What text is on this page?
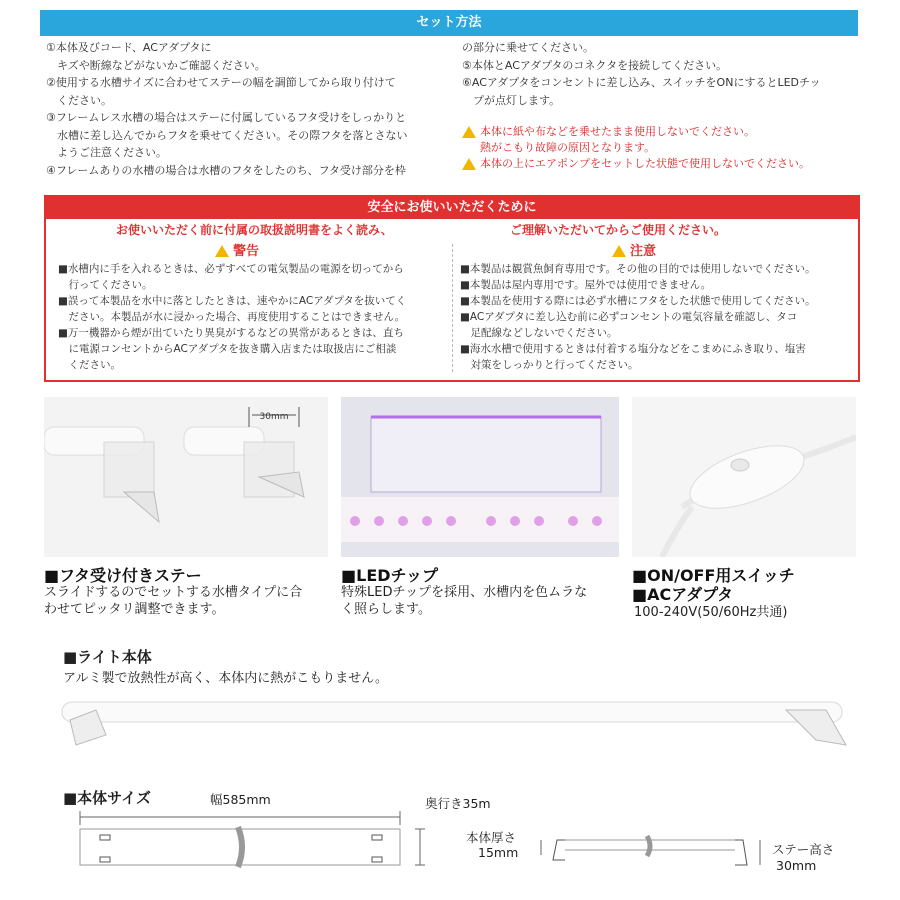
セット方法

①本体及びコード、ACアダプタに

　キズや断線などがないかご確認ください。

②使用する水槽サイズに合わせてステーの幅を調節してから取り付けて

　ください。

③フレームレス水槽の場合はステーに付属しているフタ受けをしっかりと

　水槽に差し込んでからフタを乗せてください。その際フタを落とさない

　ようご注意ください。

④フレームありの水槽の場合は水槽のフタをしたのち、フタ受け部分を枠

の部分に乗せてください。

⑤本体とACアダプタのコネクタを接続してください。

⑥ACアダプタをコンセントに差し込み、スイッチをONにするとLEDチッ

　プが点灯します。

本体に紙や布などを乗せたまま使用しないでください。
熱がこもり故障の原因となります。
本体の上にエアポンプをセットした状態で使用しないでください。
安全にお使いいただくために
お使いいただく前に付属の取扱説明書をよく読み、	ご理解いただいてからご使用ください。
警告	注意

■水槽内に手を入れるときは、必ずすべての電気製品の電源を切ってから

　行ってください。

■誤って本製品を水中に落としたときは、速やかにACアダプタを抜いてく

　ださい。本製品が水に浸かった場合、再度使用することはできません。

■万一機器から煙が出ていたり異臭がするなどの異常があるときは、直ち

　に電源コンセントからACアダプタを抜き購入店または取扱店にご相談

　ください。

■本製品は観賞魚飼育専用です。その他の目的では使用しないでください。

■本製品は屋内専用です。屋外では使用できません。

■本製品を使用する際には必ず水槽にフタをした状態で使用してください。

■ACアダプタに差し込む前に必ずコンセントの電気容量を確認し、タコ

　足配線などしないでください。

■海水水槽で使用するときは付着する塩分などをこまめにふき取り、塩害

　対策をしっかりと行ってください。

30mm
■フタ受け付きステー
スライドするのでセットする水槽タイプに合
わせてピッタリ調整できます。
■LEDチップ
特殊LEDチップを採用、水槽内を色ムラな
く照らします。
■ON/OFF用スイッチ
■ACアダプタ
100-240V(50/60Hz共通)
■ライト本体
アルミ製で放熱性が高く、本体内に熱がこもりません。
■本体サイズ	幅585mm	奥行き35m
本体厚さ
15mm	ステー高さ
30mm
